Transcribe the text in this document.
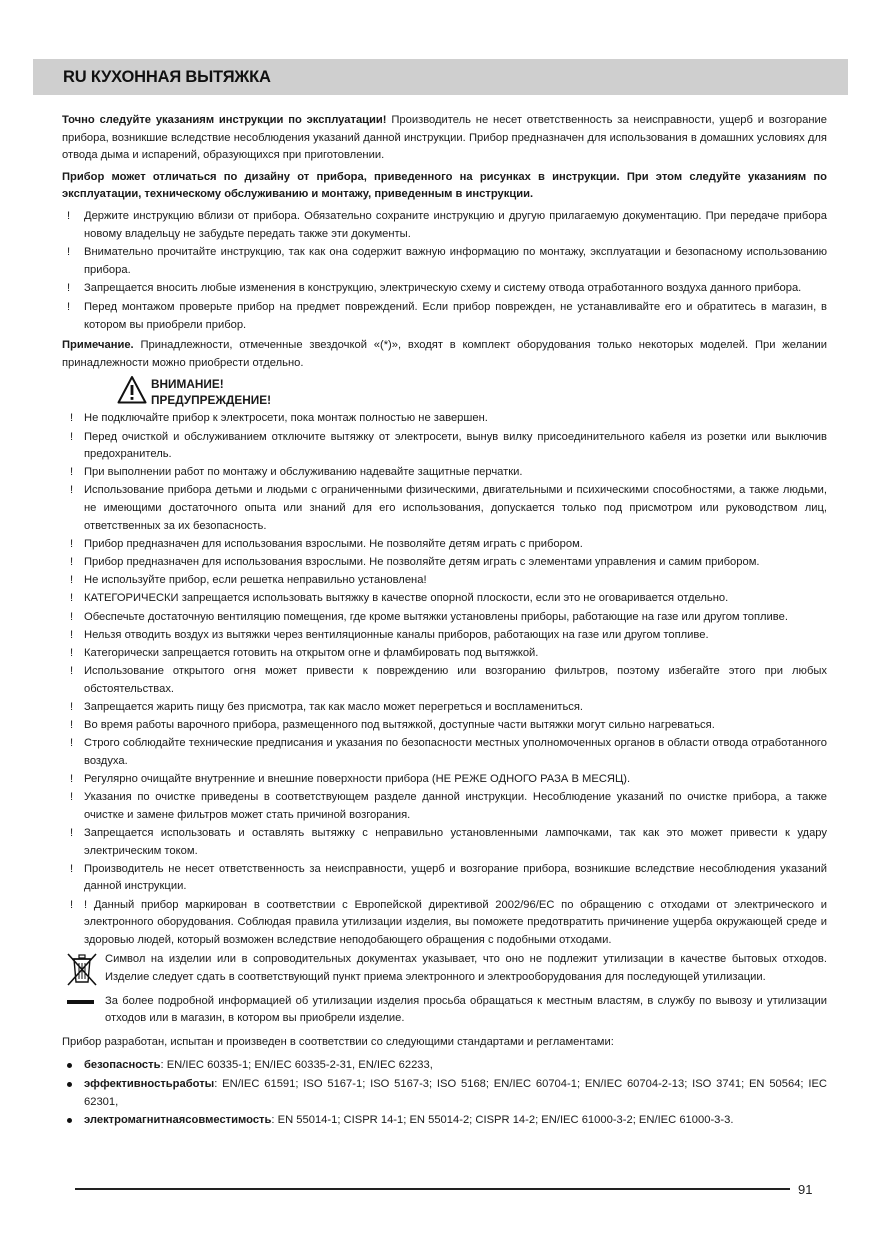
RU КУХОННАЯ ВЫТЯЖКА

Точно следуйте указаниям инструкции по эксплуатации! Производитель не несет ответственность за неисправности, ущерб и возгорание прибора, возникшие вследствие несоблюдения указаний данной инструкции. Прибор предназначен для использования в домашних условиях для отвода дыма и испарений, образующихся при приготовлении.

Прибор может отличаться по дизайну от прибора, приведенного на рисунках в инструкции. При этом следуйте указаниям по эксплуатации, техническому обслуживанию и монтажу, приведенным в инструкции.

! Держите инструкцию вблизи от прибора. Обязательно сохраните инструкцию и другую прилагаемую документацию. При передаче прибора новому владельцу не забудьте передать также эти документы.
! Внимательно прочитайте инструкцию, так как она содержит важную информацию по монтажу, эксплуатации и безопасному использованию прибора.
! Запрещается вносить любые изменения в конструкцию, электрическую схему и систему отвода отработанного воздуха данного прибора.
! Перед монтажом проверьте прибор на предмет повреждений. Если прибор поврежден, не устанавливайте его и обратитесь в магазин, в котором вы приобрели прибор.

Примечание. Принадлежности, отмеченные звездочкой «(*)», входят в комплект оборудования только некоторых моделей. При желании принадлежности можно приобрести отдельно.

ВНИМАНИЕ!
ПРЕДУПРЕЖДЕНИЕ!
! Не подключайте прибор к электросети, пока монтаж полностью не завершен.
! Перед очисткой и обслуживанием отключите вытяжку от электросети, вынув вилку присоединительного кабеля из розетки или выключив предохранитель.
! При выполнении работ по монтажу и обслуживанию надевайте защитные перчатки.
! Использование прибора детьми и людьми с ограниченными физическими, двигательными и психическими способностями, а также людьми, не имеющими достаточного опыта или знаний для его использования, допускается только под присмотром или руководством лиц, ответственных за их безопасность.
! Прибор предназначен для использования взрослыми. Не позволяйте детям играть с прибором.
! Прибор предназначен для использования взрослыми. Не позволяйте детям играть с элементами управления и самим прибором.
! Не используйте прибор, если решетка неправильно установлена!
! КАТЕГОРИЧЕСКИ запрещается использовать вытяжку в качестве опорной плоскости, если это не оговаривается отдельно.
! Обеспечьте достаточную вентиляцию помещения, где кроме вытяжки установлены приборы, работающие на газе или другом топливе.
! Нельзя отводить воздух из вытяжки через вентиляционные каналы приборов, работающих на газе или другом топливе.
! Категорически запрещается готовить на открытом огне и фламбировать под вытяжкой.
! Использование открытого огня может привести к повреждению или возгоранию фильтров, поэтому избегайте этого при любых обстоятельствах.
! Запрещается жарить пищу без присмотра, так как масло может перегреться и воспламениться.
! Во время работы варочного прибора, размещенного под вытяжкой, доступные части вытяжки могут сильно нагреваться.
! Строго соблюдайте технические предписания и указания по безопасности местных уполномоченных органов в области отвода отработанного воздуха.
! Регулярно очищайте внутренние и внешние поверхности прибора (НЕ РЕЖЕ ОДНОГО РАЗА В МЕСЯЦ).
! Указания по очистке приведены в соответствующем разделе данной инструкции. Несоблюдение указаний по очистке прибора, а также очистке и замене фильтров может стать причиной возгорания.
! Запрещается использовать и оставлять вытяжку с неправильно установленными лампочками, так как это может привести к удару электрическим током.
! Производитель не несет ответственность за неисправности, ущерб и возгорание прибора, возникшие вследствие несоблюдения указаний данной инструкции.
! ! Данный прибор маркирован в соответствии с Европейской директивой 2002/96/EC по обращению с отходами от электрического и электронного оборудования. Соблюдая правила утилизации изделия, вы поможете предотвратить причинение ущерба окружающей среде и здоровью людей, который возможен вследствие неподобающего обращения с подобными отходами.
Символ на изделии или в сопроводительных документах указывает, что оно не подлежит утилизации в качестве бытовых отходов. Изделие следует сдать в соответствующий пункт приема электронного и электрооборудования для последующей утилизации.
За более подробной информацией об утилизации изделия просьба обращаться к местным властям, в службу по вывозу и утилизации отходов или в магазин, в котором вы приобрели изделие.

Прибор разработан, испытан и произведен в соответствии со следующими стандартами и регламентами:

безопасность: EN/IEC 60335-1; EN/IEC 60335-2-31, EN/IEC 62233,
эффективностьработы: EN/IEC 61591; ISO 5167-1; ISO 5167-3; ISO 5168; EN/IEC 60704-1; EN/IEC 60704-2-13; ISO 3741; EN 50564; IEC 62301,
электромагнитнаясовместимость: EN 55014-1; CISPR 14-1; EN 55014-2; CISPR 14-2; EN/IEC 61000-3-2; EN/IEC 61000-3-3.
91
